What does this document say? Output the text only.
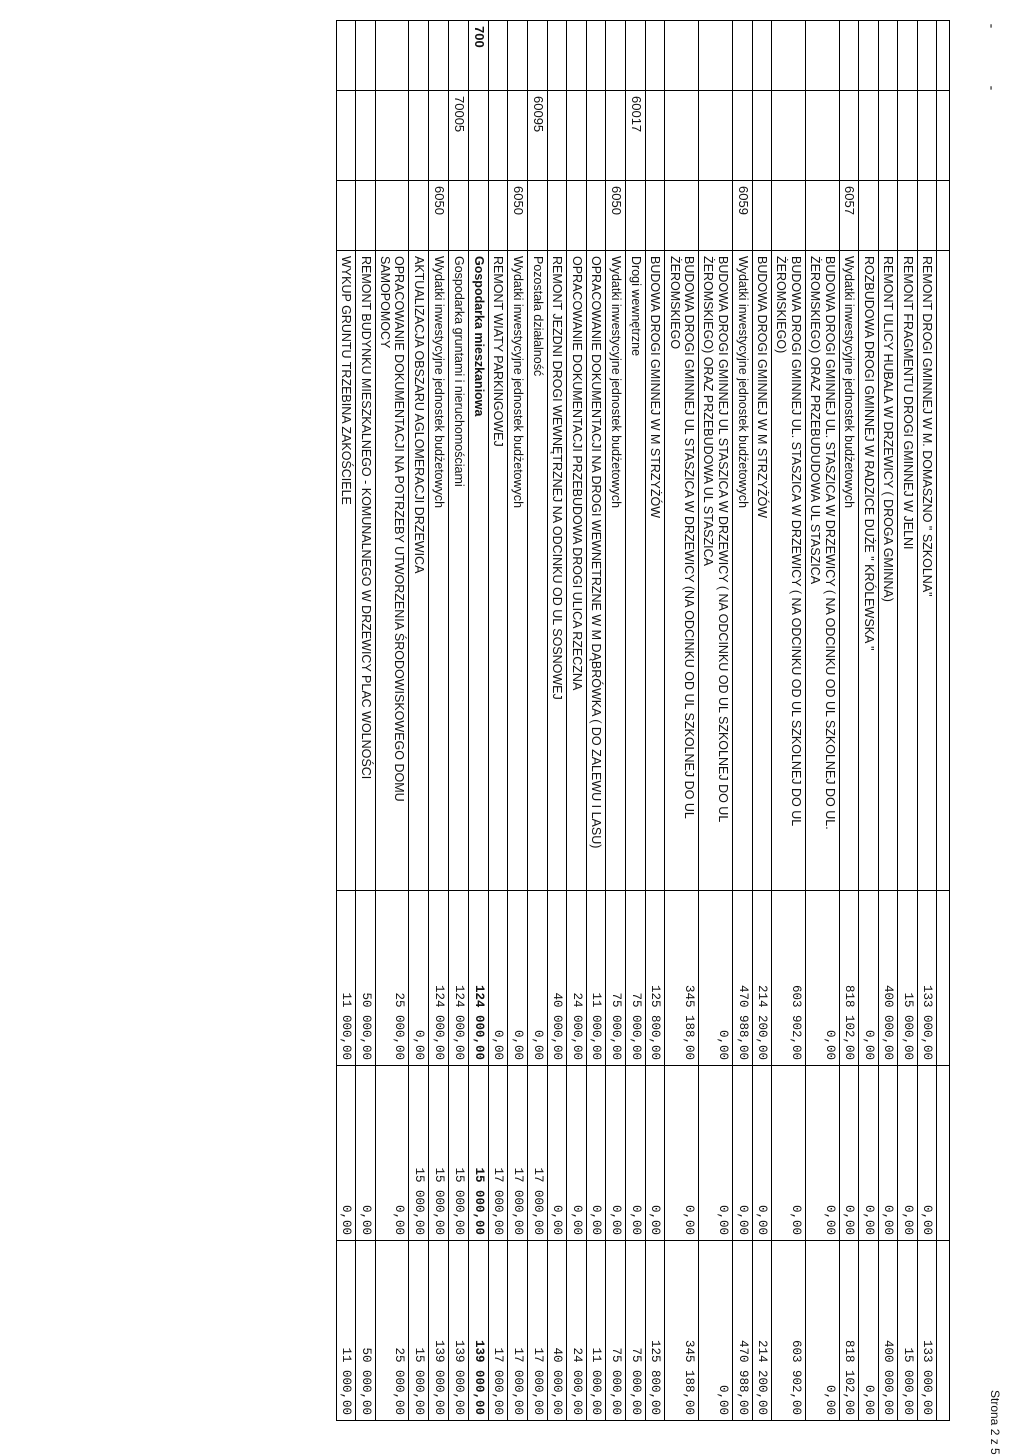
Strona 2 z 5
-
-

			REMONT DROGI GMINNEJ W M. DOMASZNO " SZKOLNA"	133 000,00	0,00	133 000,00
			REMONT FRAGMENTU DROGI GMINNEJ W JELNI	15 000,00	0,00	15 000,00
			REMONT ULICY HUBALA W DRZEWICY ( DROGA GMINNA)	400 000,00	0,00	400 000,00
			ROZBUDOWA DROGI GMINNEJ W RADZICE DUŻE " KRÓLEWSKA "	0,00	0,00	0,00
		6057	Wydatki inwestycyjne jednostek budżetowych	818 102,00	0,00	818 102,00
			BUDOWA DROGI GMINNEJ UL. STASZICA W DRZEWICY ( NA ODCINKU OD UL SZKOLNEJ DO UL. ŻEROMSKIEGO) ORAZ PRZEBUDUDOWA UL STASZICA	0,00	0,00	0,00
			BUDOWA DROGI GMINNEJ UL. STASZICA W DRZEWICY ( NA ODCINKU OD UL SZKOLNEJ DO UL ŻEROMSKIEGO)	603 902,00	0,00	603 902,00
			BUDOWA DROGI GMINNEJ W M STRZYŻÓW	214 200,00	0,00	214 200,00
		6059	Wydatki inwestycyjne jednostek budżetowych	470 988,00	0,00	470 988,00
			BUDOWA DROGI GMINNEJ UL STASZICA W DRZEWICY ( NA ODCINKU OD UL SZKOLNEJ DO UL ŻEROMSKIEGO) ORAZ PRZEBUDOWA UL STASZICA	0,00	0,00	0,00
			BUDOWA DROGI GMINNEJ UL STASZICA W DRZEWICY (NA ODCINKU OD UL SZKOLNEJ DO UL ŻEROMSKIEGO	345 188,00	0,00	345 188,00
			BUDOWA DROGI GMINNEJ W M STRZYŻÓW	125 800,00	0,00	125 800,00
	60017		Drogi wewnętrzne	75 000,00	0,00	75 000,00
		6050	Wydatki inwestycyjne jednostek budżetowych	75 000,00	0,00	75 000,00
			OPRACOWANIE DOKUMENTACJI NA DROGI WEWNETRZNE W M DĄBRÓWKA ( DO ZALEWU I LASU)	11 000,00	0,00	11 000,00
			OPRACOWANIE DOKUMENTACJI PRZEBUDOWA DROGI ULICA RZECZNA	24 000,00	0,00	24 000,00
			REMONT JEZDNI DROGI WEWNĘTRZNEJ NA ODCINKU OD UL SOSNOWEJ	40 000,00	0,00	40 000,00
	60095		Pozostała działalność	0,00	17 000,00	17 000,00
		6050	Wydatki inwestycyjne jednostek budżetowych	0,00	17 000,00	17 000,00
			REMONT WIATY PARKINGOWEJ	0,00	17 000,00	17 000,00
700			Gospodarka mieszkaniowa	124 000,00	15 000,00	139 000,00
	70005		Gospodarka gruntami i nieruchomościami	124 000,00	15 000,00	139 000,00
		6050	Wydatki inwestycyjne jednostek budżetowych	124 000,00	15 000,00	139 000,00
			AKTUALIZACJA OBSZARU AGLOMERACJI DRZEWICA	0,00	15 000,00	15 000,00
			OPRACOWANIE DOKUMENTACJI NA POTRZEBY UTWORZENIA ŚRODOWISKOWEGO DOMU SAMOPOMOCY	25 000,00	0,00	25 000,00
			REMONT BUDYNKU MIESZKALNEGO - KOMUNALNEGO W DRZEWICY PLAC WOLNOŚCI	50 000,00	0,00	50 000,00
			WYKUP GRUNTU TRZEBINA ZAKOŚCIELE	11 000,00	0,00	11 000,00
